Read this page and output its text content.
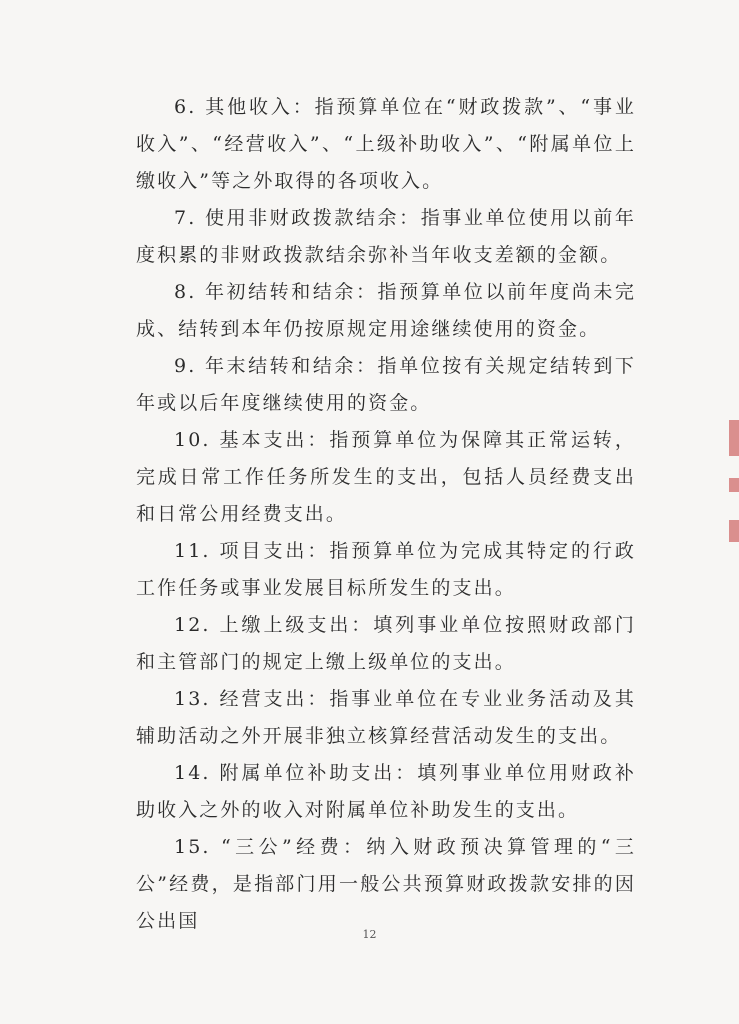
6. 其他收入：指预算单位在“财政拨款”、“事业收入”、“经营收入”、“上级补助收入”、“附属单位上缴收入”等之外取得的各项收入。

7. 使用非财政拨款结余：指事业单位使用以前年度积累的非财政拨款结余弥补当年收支差额的金额。

8. 年初结转和结余：指预算单位以前年度尚未完成、结转到本年仍按原规定用途继续使用的资金。

9. 年末结转和结余：指单位按有关规定结转到下年或以后年度继续使用的资金。

10. 基本支出：指预算单位为保障其正常运转，完成日常工作任务所发生的支出，包括人员经费支出和日常公用经费支出。

11. 项目支出：指预算单位为完成其特定的行政工作任务或事业发展目标所发生的支出。

12. 上缴上级支出：填列事业单位按照财政部门和主管部门的规定上缴上级单位的支出。

13. 经营支出：指事业单位在专业业务活动及其辅助活动之外开展非独立核算经营活动发生的支出。

14. 附属单位补助支出：填列事业单位用财政补助收入之外的收入对附属单位补助发生的支出。

15. “三公”经费：纳入财政预决算管理的“三公”经费，是指部门用一般公共预算财政拨款安排的因公出国

12
